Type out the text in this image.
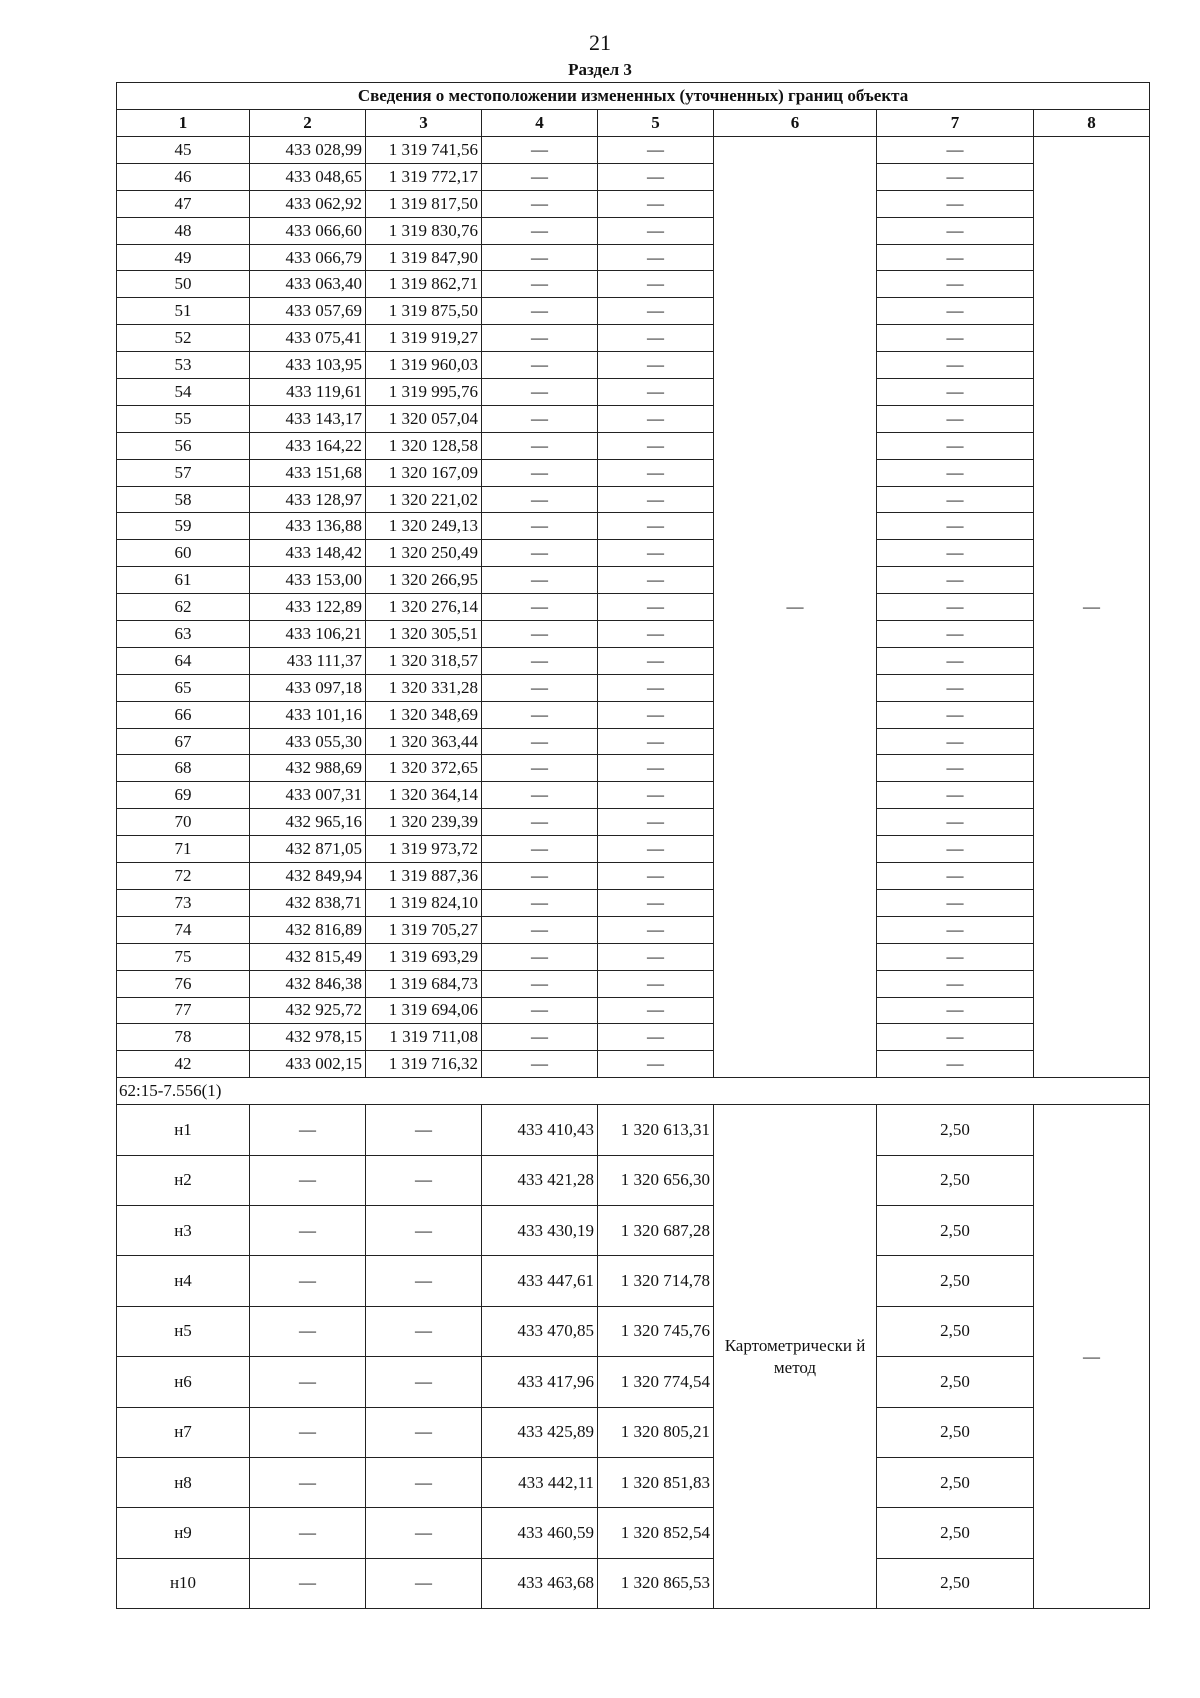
21
Раздел 3
Сведения о местоположении измененных (уточненных) границ объекта							
1	2	3	4	5	6	7	8
45	433 028,99	1 319 741,56	—	—	—	—	—
46	433 048,65	1 319 772,17	—	—		—	
47	433 062,92	1 319 817,50	—	—		—	
48	433 066,60	1 319 830,76	—	—		—	
49	433 066,79	1 319 847,90	—	—		—	
50	433 063,40	1 319 862,71	—	—		—	
51	433 057,69	1 319 875,50	—	—		—	
52	433 075,41	1 319 919,27	—	—		—	
53	433 103,95	1 319 960,03	—	—		—	
54	433 119,61	1 319 995,76	—	—		—	
55	433 143,17	1 320 057,04	—	—		—	
56	433 164,22	1 320 128,58	—	—		—	
57	433 151,68	1 320 167,09	—	—		—	
58	433 128,97	1 320 221,02	—	—		—	
59	433 136,88	1 320 249,13	—	—		—	
60	433 148,42	1 320 250,49	—	—		—	
61	433 153,00	1 320 266,95	—	—		—	
62	433 122,89	1 320 276,14	—	—		—	
63	433 106,21	1 320 305,51	—	—		—	
64	433 111,37	1 320 318,57	—	—		—	
65	433 097,18	1 320 331,28	—	—		—	
66	433 101,16	1 320 348,69	—	—		—	
67	433 055,30	1 320 363,44	—	—		—	
68	432 988,69	1 320 372,65	—	—		—	
69	433 007,31	1 320 364,14	—	—		—	
70	432 965,16	1 320 239,39	—	—		—	
71	432 871,05	1 319 973,72	—	—		—	
72	432 849,94	1 319 887,36	—	—		—	
73	432 838,71	1 319 824,10	—	—		—	
74	432 816,89	1 319 705,27	—	—		—	
75	432 815,49	1 319 693,29	—	—		—	
76	432 846,38	1 319 684,73	—	—		—	
77	432 925,72	1 319 694,06	—	—		—	
78	432 978,15	1 319 711,08	—	—		—	
42	433 002,15	1 319 716,32	—	—		—	
62:15-7.556(1)							
н1	—	—	433 410,43	1 320 613,31	Картометрически й метод	2,50	—
н2	—	—	433 421,28	1 320 656,30		2,50	
н3	—	—	433 430,19	1 320 687,28		2,50	
н4	—	—	433 447,61	1 320 714,78		2,50	
н5	—	—	433 470,85	1 320 745,76		2,50	
н6	—	—	433 417,96	1 320 774,54		2,50	
н7	—	—	433 425,89	1 320 805,21		2,50	
н8	—	—	433 442,11	1 320 851,83		2,50	
н9	—	—	433 460,59	1 320 852,54		2,50	
н10	—	—	433 463,68	1 320 865,53		2,50	
